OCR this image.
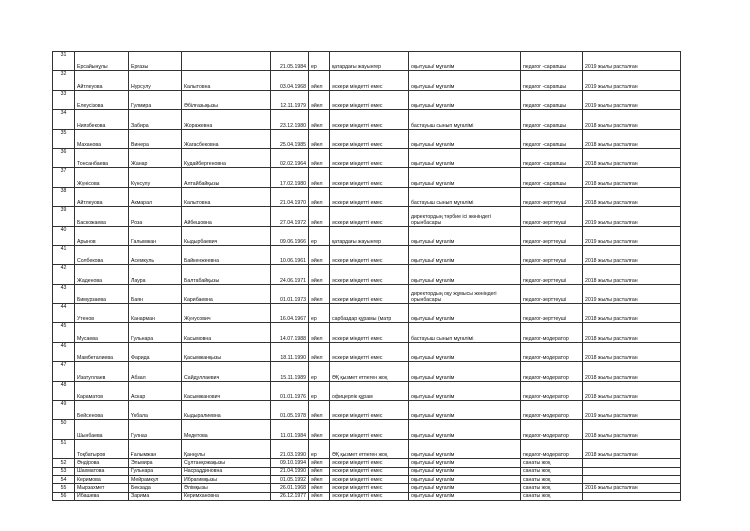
31	Ерсайынұлы	Ерғазы		21.05.1984	ер	қатардағы жауынгер	оқытушы/ мұғалім	педагог -сарапшы	2019 жылы расталған
32	Айтлеуова	Нурсулу	Калытовна	03.04.1968	әйел	әскери міндетті емес	оқытушы/ мұғалім	педагог -сарапшы	2019 жылы расталған
33	Елеусізова	Гулмира	Әбілғазықызы	12.11.1979	әйел	әскери міндетті емес	оқытушы/ мұғалім	педагог -сарапшы	2019 жылы расталған
34	Ниязбекова	Забира	Жоражевна	23.12.1980	әйел	әскери міндетті емес	бастауыш сынып мұғалімі	педагог -сарапшы	2018 жылы расталған
35	Маханова	Винера	Жагасбековна	25.04.1985	әйел	әскери міндетті емес	оқытушы/ мұғалім	педагог -сарапшы	2018 жылы расталған
36	Тонсанбаева	Жанар	Кудайбергеновна	02.02.1964	әйел	әскери міндетті емес	оқытушы/ мұғалім	педагог -сарапшы	2018 жылы расталған
37	Жүнісова	Күнсулу	Алтайбайқызы	17.02.1980	әйел	әскери міндетті емес	оқытушы/ мұғалім	педагог -сарапшы	2018 жылы расталған
38	Айтлеуова	Акмарал	Калытовна	21.04.1970	әйел	әскери міндетті емес	бастауыш сынып мұғалімі	педагог-зерттеуші	2018 жылы расталған
39	Баскожаева	Роза	Айбешовна	27.04.1972	әйел	әскери міндетті емес	директордың тәрбие ісі жөніндегі орынбасары	педагог-зерттеуші	2019 жылы расталған
40	Арынов	Галымжан	Кыдырбаевич	09.06.1966	ер	қатардағы жауынгер	оқытушы/ мұғалім	педагог-зерттеуші	2019 жылы расталған
41	Солбекова	Асемкуль	Байкенжеевна	10.06.1961	әйел	әскери міндетті емес	оқытушы/ мұғалім	педагог-зерттеуші	2018 жылы расталған
42	Жаденова	Лаура	Балтабайқызы	24.06.1971	әйел	әскери міндетті емес	оқытушы/ мұғалім	педагог-зерттеуші	2018 жылы расталған
43	Бимурзаева	Баян	Карибаевна	01.01.1973	әйел	әскери міндетті емес	директордың оқу жұмысы жөніндегі орынбасары	педагог-зерттеуші	2019 жылы расталған
44	Утенов	Канарман	Жунусович	16.04.1967	ер	сарбаздар құрамы (матр	оқытушы/ мұғалім	педагог-зерттеуші	2018 жылы расталған
45	Мусаева	Гульнара	Касымовна	14.07.1988	әйел	әскери міндетті емес	бастауыш сынып мұғалімі	педагог-модератор	2018 жылы расталған
46	Мамбеталиева	Фарида	Қасымжанқызы	18.11.1990	әйел	әскери міндетті емес	оқытушы/ мұғалім	педагог-модератор	2018 жылы расталған
47	Изатуллаев	Абзал	Сайдуллаевич	15.11.1989	ер	ӘҚ қызмет етпеген жоқ	оқытушы/ мұғалім	педагог-модератор	2018 жылы расталған
48	Караматов	Аскар	Касымжанович	01.01.1976	ер	офицерлік құрам	оқытушы/ мұғалім	педагог-модератор	2018 жылы расталған
49	Бейсенова	Үкбала	Кыдыралиевна	01.05.1978	әйел	әскери міндетті емес	оқытушы/ мұғалім	педагог-модератор	2019 жылы расталған
50	Шынбаева	Гулназ	Медетова	11.01.1984	әйел	әскери міндетті емес	оқытушы/ мұғалім	педагог-модератор	2018 жылы расталған
51	Тоқбатыров	Ғалымжан	Қанңулы	21.03.1990	ер	ӘҚ қызмет етпеген жоқ	оқытушы/ мұғалім	педагог-модератор	2018 жылы расталған
52	Әндірова	Эльмира	Сұлтанқожақызы	09.10.1994	әйел	әскери міндетті емес	оқытушы/ мұғалім	санаты жоқ	
53	Шахматова	Гульнара	Насраддиновна	21.04.1990	әйел	әскери міндетті емес	оқытушы/ мұғалім	санаты жоқ	
54	Керимова	Мейрамкул	Ибрагимқызы	01.05.1992	әйел	әскери міндетті емес	оқытушы/ мұғалім	санаты жоқ	
55	Мырзахмет	Бекзада	Әлімқызы	26.01.1968	әйел	әскери міндетті емес	оқытушы/ мұғалім	санаты жоқ	2016 жылы расталған
56	Ибашева	Зарима	Керимхановна	26.12.1977	әйел	әскери міндетті емес	оқытушы/ мұғалім	санаты жоқ	
